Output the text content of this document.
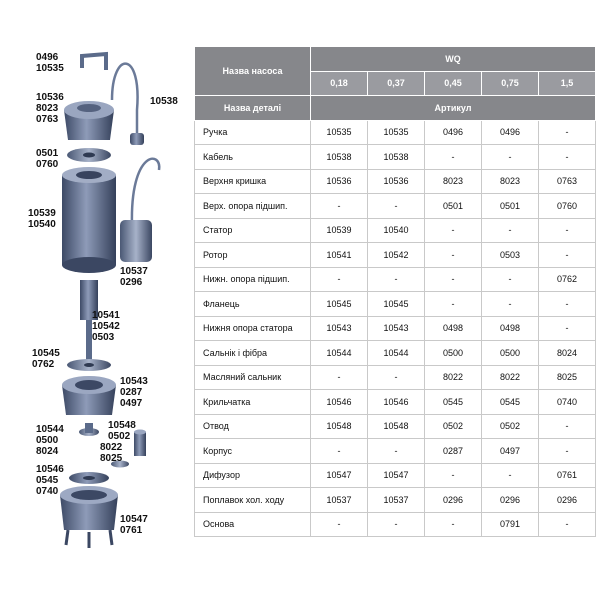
0496
10535
10538
10536
8023
0763
0501
0760
10539
10540
10537
0296
10541
10542
0503
10545
0762
10543
0287
0497
10544
0500
8024
10548
0502
8022
8025
10546
0545
0740
10547
0761
Назва насоса	WQ				
	0,18	0,37	0,45	0,75	1,5
Назва деталі	Артикул				
Ручка	10535	10535	0496	0496	-
Кабель	10538	10538	-	-	-
Верхня кришка	10536	10536	8023	8023	0763
Верх. опора підшип.	-	-	0501	0501	0760
Статор	10539	10540	-	-	-
Ротор	10541	10542	-	0503	-
Нижн. опора підшип.	-	-	-	-	0762
Фланець	10545	10545	-	-	-
Нижня опора статора	10543	10543	0498	0498	-
Сальнік і фібра	10544	10544	0500	0500	8024
Масляний сальник	-	-	8022	8022	8025
Крильчатка	10546	10546	0545	0545	0740
Отвод	10548	10548	0502	0502	-
Корпус	-	-	0287	0497	-
Дифузор	10547	10547	-	-	0761
Поплавок хол. ходу	10537	10537	0296	0296	0296
Основа	-	-	-	0791	-
